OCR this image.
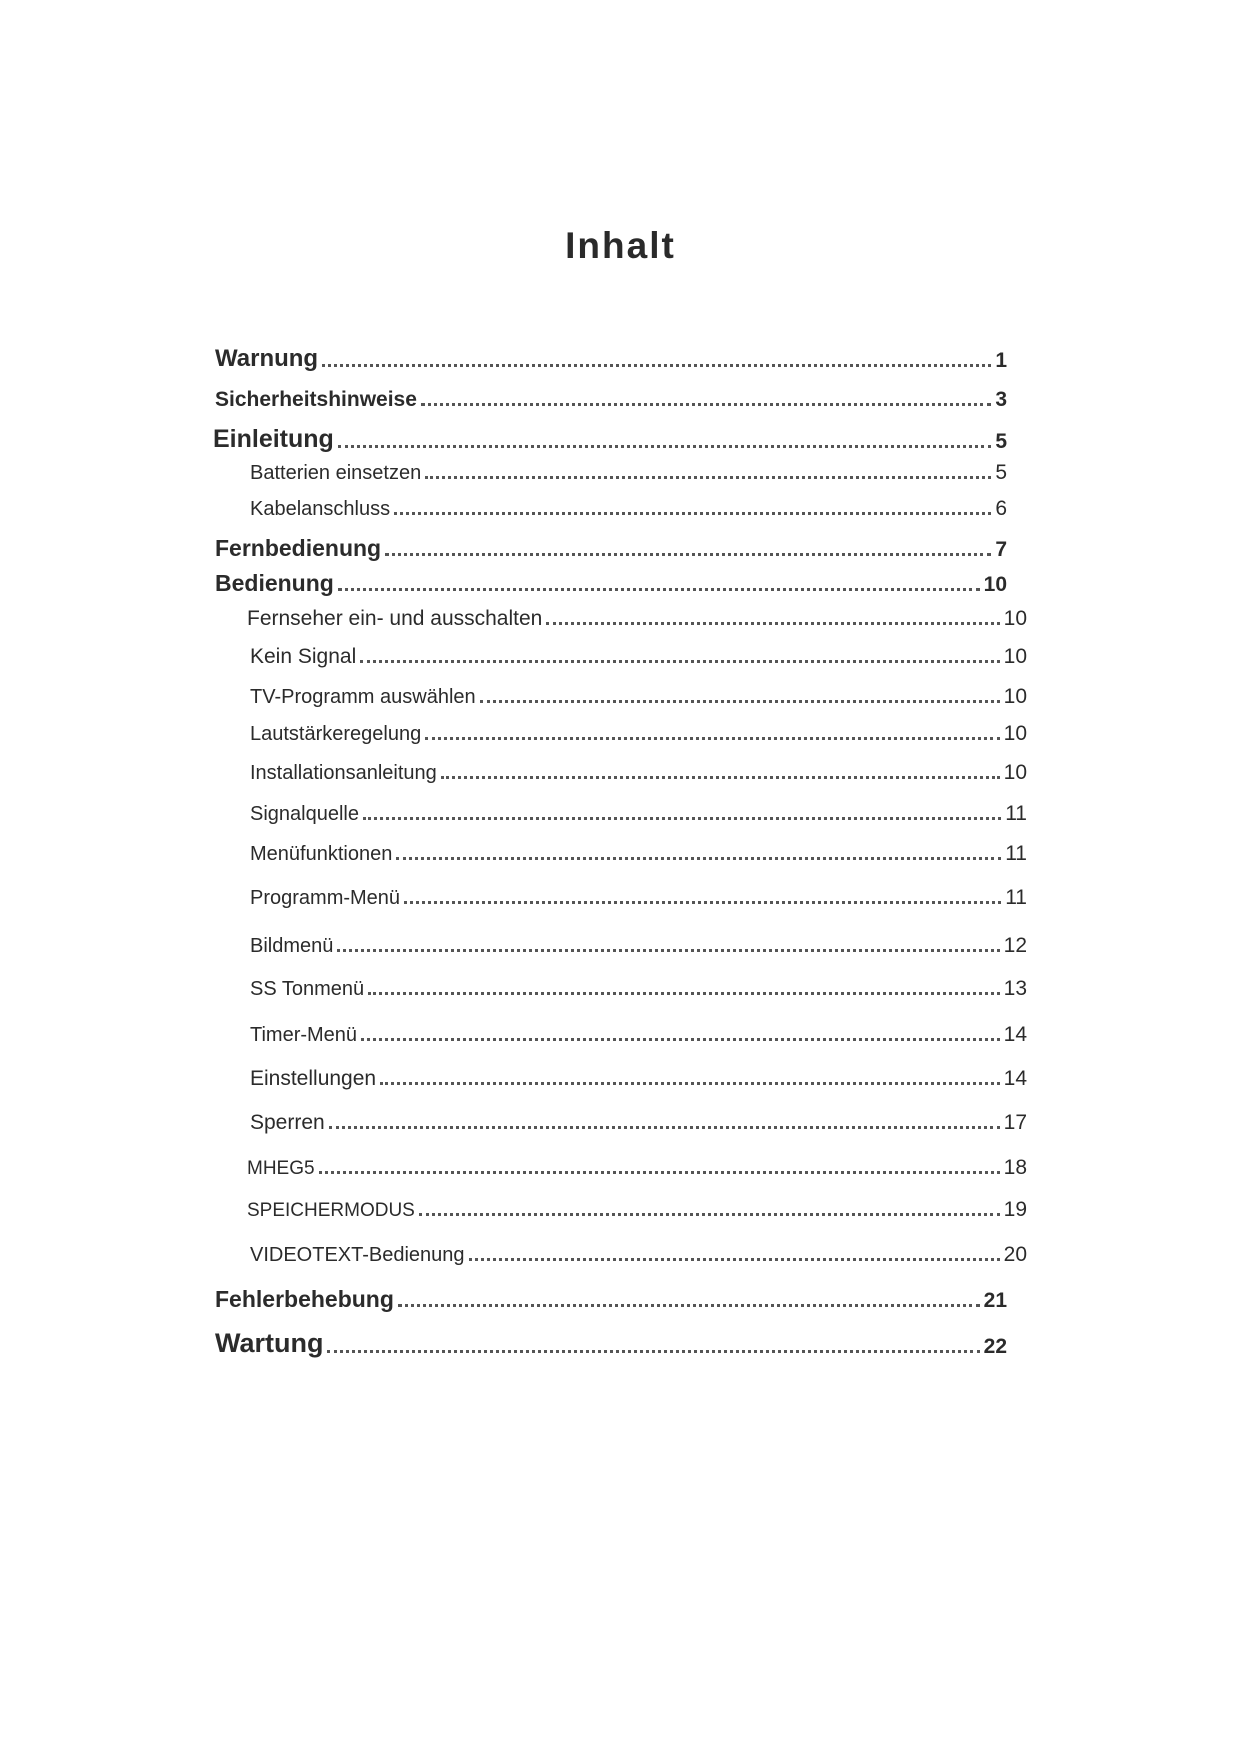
Inhalt
Warnung	1
Sicherheitshinweise	3
Einleitung	5
Batterien einsetzen	5
Kabelanschluss	6
Fernbedienung	7
Bedienung	10
Fernseher ein- und ausschalten	10
Kein Signal	10
TV-Programm auswählen	10
Lautstärkeregelung	10
Installationsanleitung	10
Signalquelle	11
Menüfunktionen	11
Programm-Menü	11
Bildmenü	12
SS Tonmenü	13
Timer-Menü	14
Einstellungen	14
Sperren	17
MHEG5	18
SPEICHERMODUS	19
VIDEOTEXT-Bedienung	20
Fehlerbehebung	21
Wartung	22
